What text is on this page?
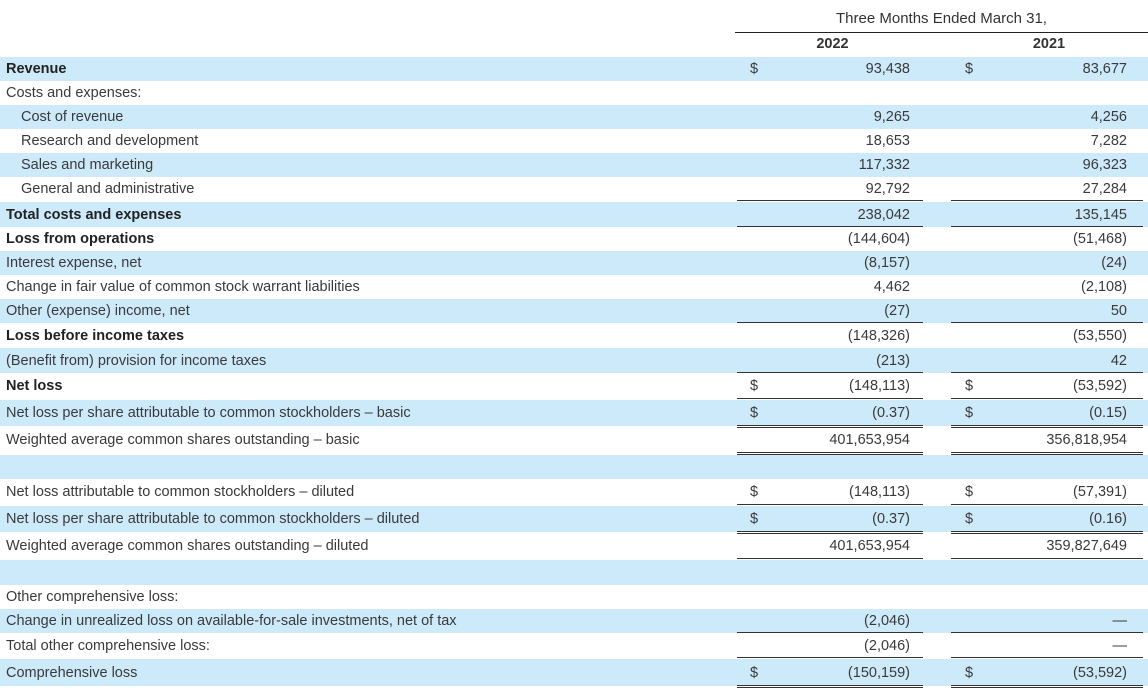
Three Months Ended March 31,
2022	2021
Revenue	$	93,438	$	83,677
Costs and expenses:
Cost of revenue	9,265	4,256
Research and development	18,653	7,282
Sales and marketing	117,332	96,323
General and administrative	92,792	27,284
Total costs and expenses	238,042	135,145
Loss from operations	(144,604)	(51,468)
Interest expense, net	(8,157)	(24)
Change in fair value of common stock warrant liabilities	4,462	(2,108)
Other (expense) income, net	(27)	50
Loss before income taxes	(148,326)	(53,550)
(Benefit from) provision for income taxes	(213)	42
Net loss	$	(148,113)	$	(53,592)
Net loss per share attributable to common stockholders – basic	$	(0.37)	$	(0.15)
Weighted average common shares outstanding – basic	401,653,954	356,818,954
Net loss attributable to common stockholders – diluted	$	(148,113)	$	(57,391)
Net loss per share attributable to common stockholders – diluted	$	(0.37)	$	(0.16)
Weighted average common shares outstanding – diluted	401,653,954	359,827,649
Other comprehensive loss:
Change in unrealized loss on available-for-sale investments, net of tax	(2,046)	—
Total other comprehensive loss:	(2,046)	—
Comprehensive loss	$	(150,159)	$	(53,592)
